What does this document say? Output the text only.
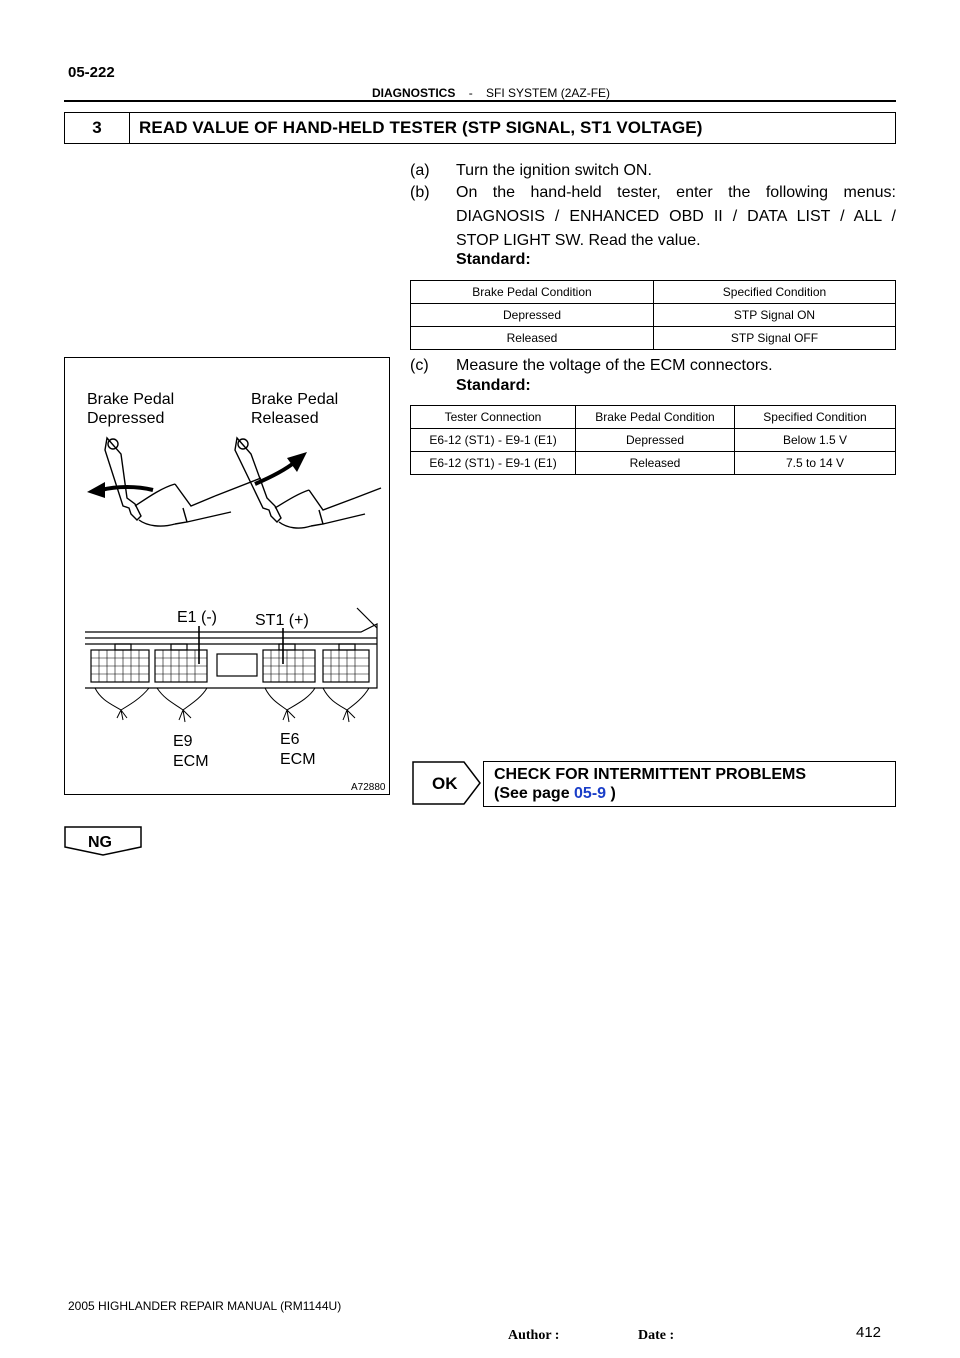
05-222
DIAGNOSTICS - SFI SYSTEM (2AZ-FE)
3	READ VALUE OF HAND-HELD TESTER (STP SIGNAL, ST1 VOLTAGE)
(a) Turn the ignition switch ON.
(b) On the hand-held tester, enter the following menus:
DIAGNOSIS / ENHANCED OBD II / DATA LIST / ALL /
STOP LIGHT SW. Read the value.
Standard:
Brake Pedal Condition	Specified Condition
Depressed	STP Signal ON
Released	STP Signal OFF
(c) Measure the voltage of the ECM connectors.
Standard:
Tester Connection	Brake Pedal Condition	Specified Condition
E6-12 (ST1) - E9-1 (E1)	Depressed	Below 1.5 V
E6-12 (ST1) - E9-1 (E1)	Released	7.5 to 14 V
Brake Pedal
Depressed
Brake Pedal
Released
E1 (-) ST1 (+)
E9
ECM
E6
ECM
A72880	OK CHECK FOR INTERMITTENT PROBLEMS
(See page 05-9 )
NG
2005 HIGHLANDER REPAIR MANUAL (RM1144U)
Author :	Date :	412
